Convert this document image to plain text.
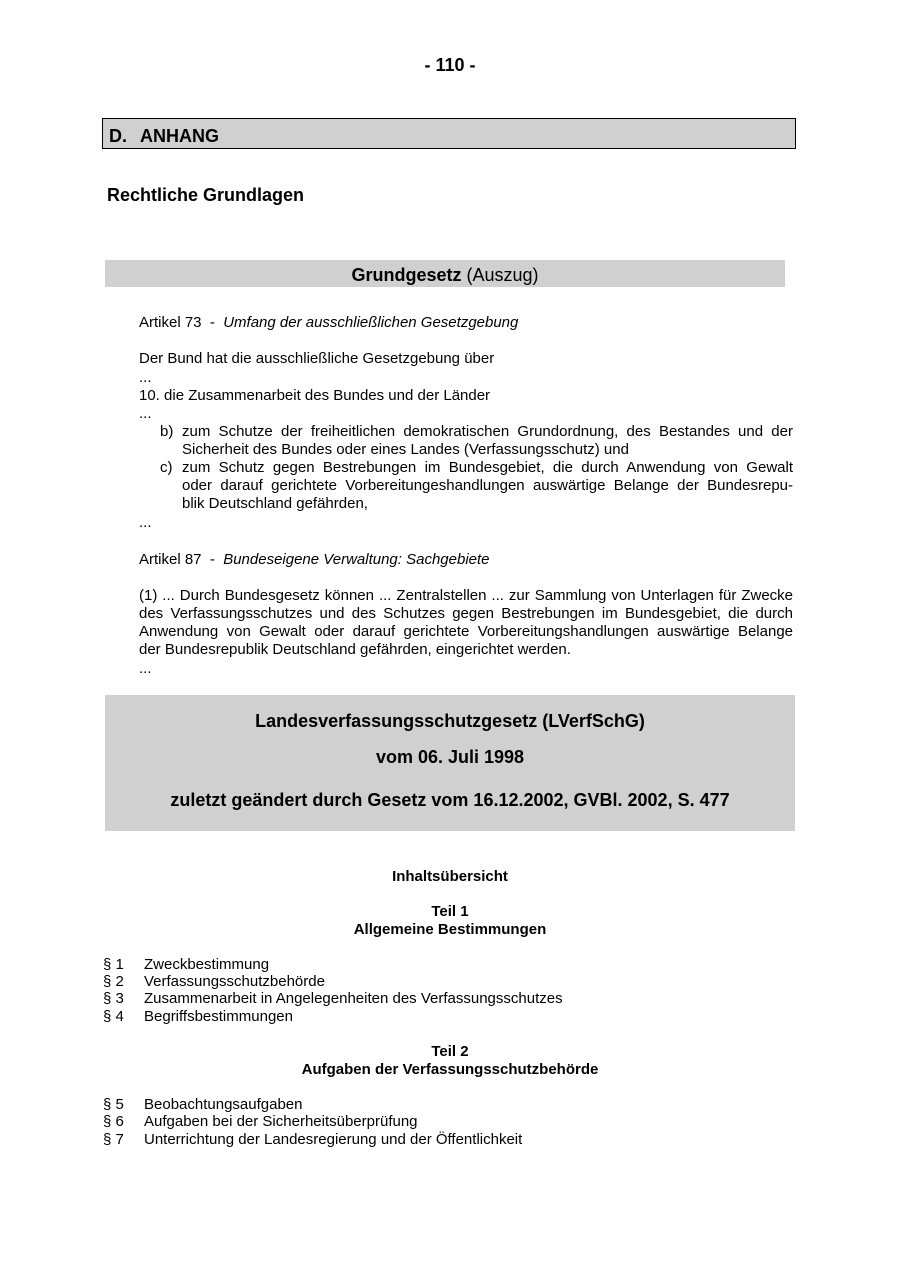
- 110 -
D. ANHANG
Rechtliche Grundlagen
Grundgesetz (Auszug)
Artikel 73  -  Umfang der ausschließlichen Gesetzgebung
Der Bund hat die ausschließliche Gesetzgebung über
...
10. die Zusammenarbeit des Bundes und der Länder
...
b) zum Schutze der freiheitlichen demokratischen Grundordnung, des Bestandes und der
Sicherheit des Bundes oder eines Landes (Verfassungsschutz) und
c) zum Schutz gegen Bestrebungen im Bundesgebiet, die durch Anwendung von Gewalt
oder darauf gerichtete Vorbereitungeshandlungen auswärtige Belange der Bundesrepu-
blik Deutschland gefährden,
...
Artikel 87  -  Bundeseigene Verwaltung: Sachgebiete
(1) ... Durch Bundesgesetz können ... Zentralstellen ... zur Sammlung von Unterlagen für Zwecke
des Verfassungsschutzes und des Schutzes gegen Bestrebungen im Bundesgebiet, die durch
Anwendung von Gewalt oder darauf gerichtete Vorbereitungshandlungen auswärtige Belange
der Bundesrepublik Deutschland gefährden, eingerichtet werden.
...
Landesverfassungsschutzgesetz (LVerfSchG)
vom 06. Juli 1998
zuletzt geändert durch Gesetz vom 16.12.2002, GVBl. 2002, S. 477
Inhaltsübersicht
Teil 1
Allgemeine Bestimmungen
§ 1 Zweckbestimmung
§ 2 Verfassungsschutzbehörde
§ 3 Zusammenarbeit in Angelegenheiten des Verfassungsschutzes
§ 4 Begriffsbestimmungen
Teil 2
Aufgaben der Verfassungsschutzbehörde
§ 5 Beobachtungsaufgaben
§ 6 Aufgaben bei der Sicherheitsüberprüfung
§ 7 Unterrichtung der Landesregierung und der Öffentlichkeit
